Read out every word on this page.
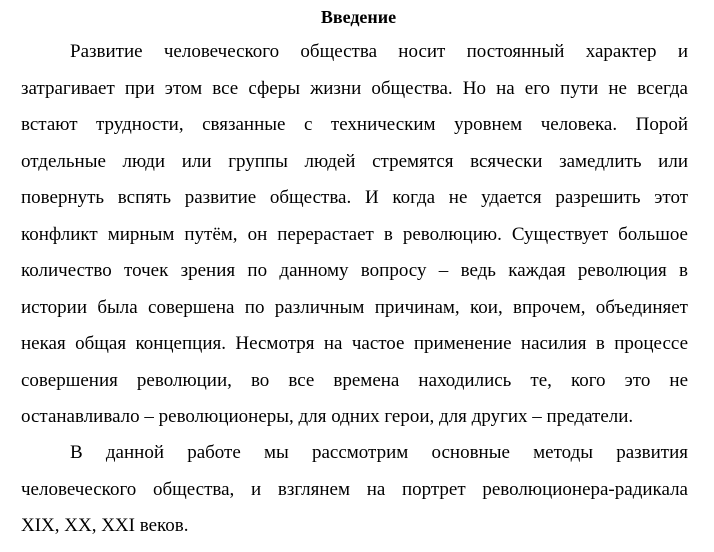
Введение
Развитие человеческого общества носит постоянный характер и
затрагивает при этом все сферы жизни общества. Но на его пути не всегда
встают трудности, связанные с техническим уровнем человека. Порой
отдельные люди или группы людей стремятся всячески замедлить или
повернуть вспять развитие общества. И когда не удается разрешить этот
конфликт мирным путём, он перерастает в революцию. Существует большое
количество точек зрения по данному вопросу – ведь каждая революция в
истории была совершена по различным причинам, кои, впрочем, объединяет
некая общая концепция. Несмотря на частое применение насилия в процессе
совершения революции, во все времена находились те, кого это не
останавливало – революционеры, для одних герои, для других – предатели.
В данной работе мы рассмотрим основные методы развития
человеческого общества, и взглянем на портрет революционера-радикала
XIX, XX, XXI веков.
